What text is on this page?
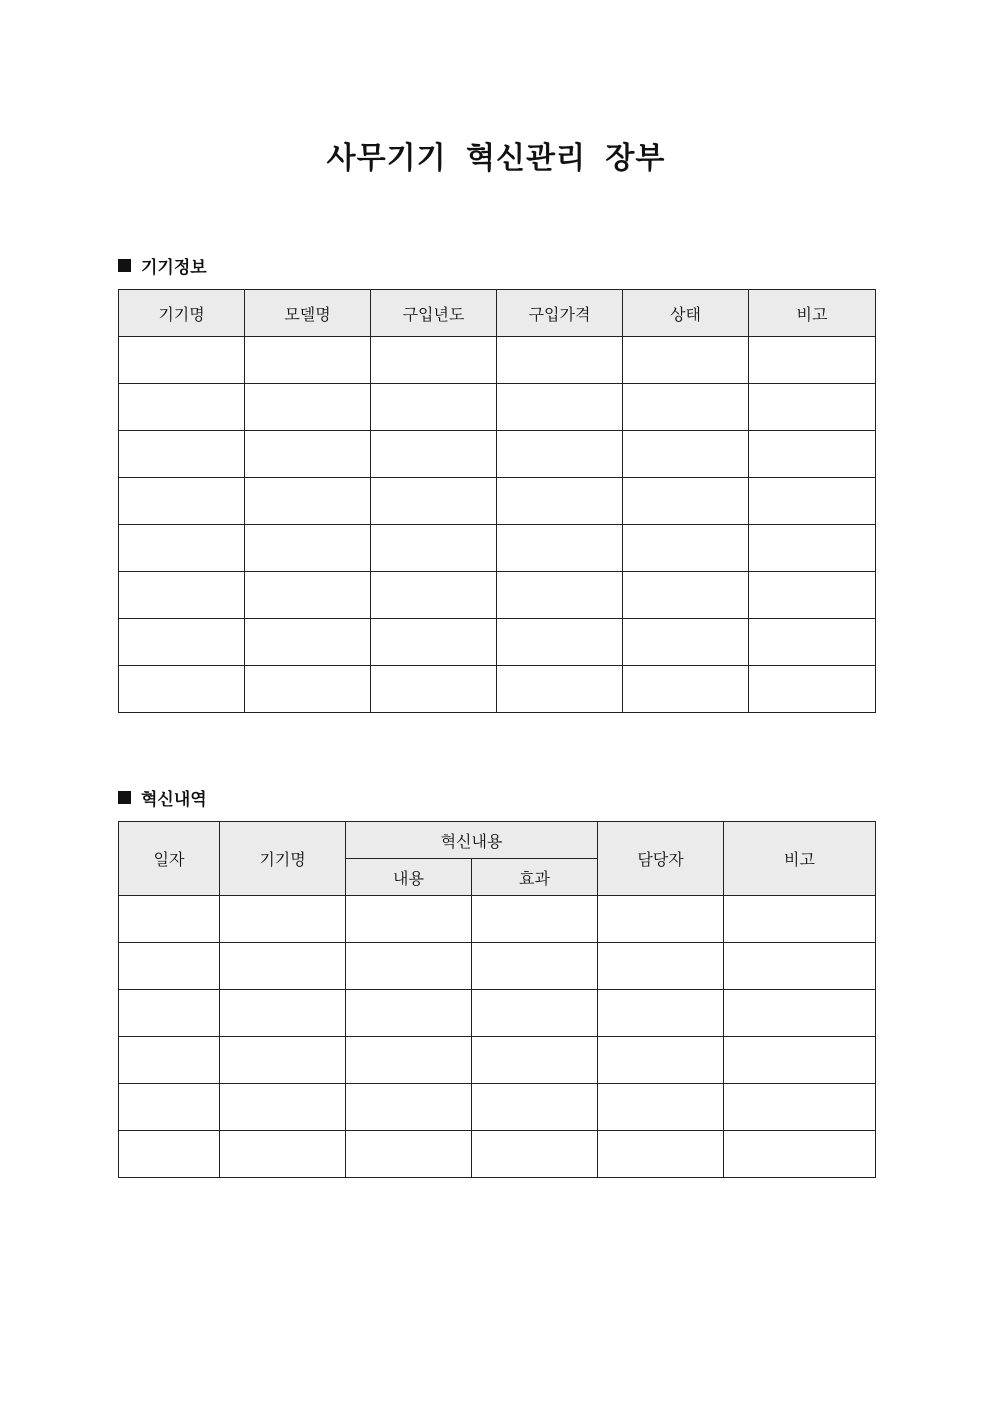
사무기기 혁신관리 장부
기기정보
기기명	모델명	구입년도	구입가격	상태	비고

혁신내역
일자	기기명	혁신내용		담당자	비고
		내용	효과		
